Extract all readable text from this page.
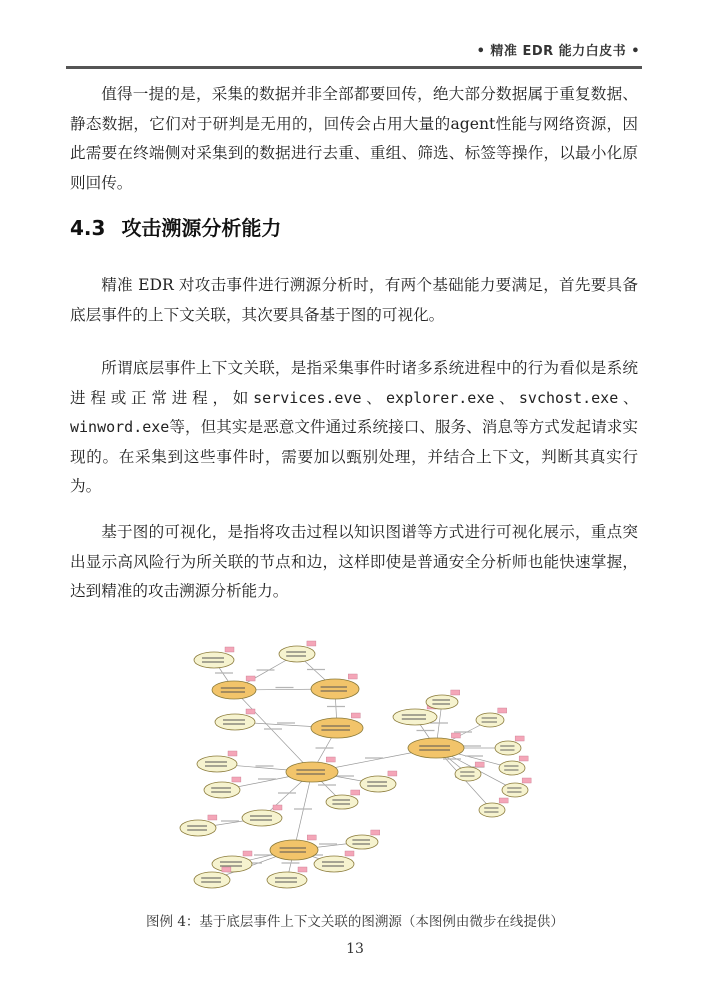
• 精准 EDR 能力白皮书 •

值得一提的是，采集的数据并非全部都要回传，绝大部分数据属于重复数据、静态数据，它们对于研判是无用的，回传会占用大量的agent性能与网络资源，因此需要在终端侧对采集到的数据进行去重、重组、筛选、标签等操作，以最小化原则回传。

4.3 攻击溯源分析能力

精准 EDR 对攻击事件进行溯源分析时，有两个基础能力要满足，首先要具备底层事件的上下文关联，其次要具备基于图的可视化。

所谓底层事件上下文关联，是指采集事件时诸多系统进程中的行为看似是系统进程或正常进程，如services.eve、explorer.exe、svchost.exe、winword.exe等，但其实是恶意文件通过系统接口、服务、消息等方式发起请求实现的。在采集到这些事件时，需要加以甄别处理，并结合上下文，判断其真实行为。

基于图的可视化，是指将攻击过程以知识图谱等方式进行可视化展示，重点突出显示高风险行为所关联的节点和边，这样即使是普通安全分析师也能快速掌握，达到精准的攻击溯源分析能力。

图例 4：基于底层事件上下文关联的图溯源（本图例由微步在线提供）
13
